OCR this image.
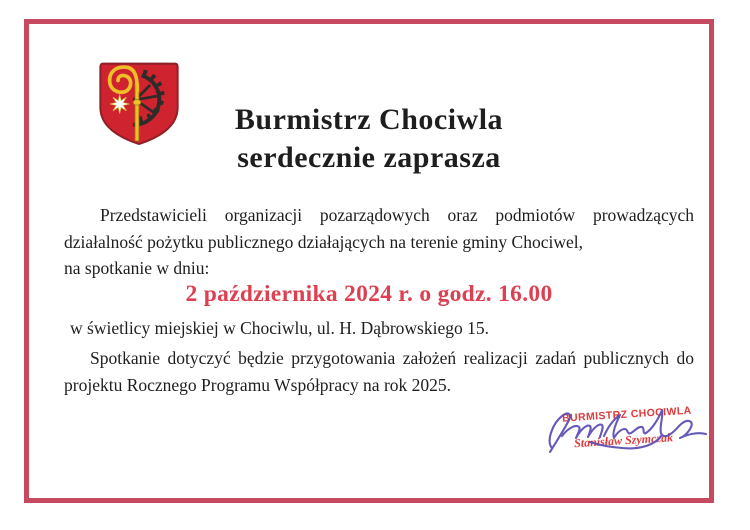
Burmistrz Chociwla
serdecznie zaprasza
Przedstawicieli organizacji pozarządowych oraz podmiotów prowadzących
działalność pożytku publicznego działających na terenie gminy Chociwel,
na spotkanie w dniu:
2 października 2024 r. o godz. 16.00
w świetlicy miejskiej w Chociwlu, ul. H. Dąbrowskiego 15.
Spotkanie dotyczyć będzie przygotowania założeń realizacji zadań publicznych do
projektu Rocznego Programu Współpracy na rok 2025.
BURMISTRZ CHOCIWLA
Stanisław Szymczak
